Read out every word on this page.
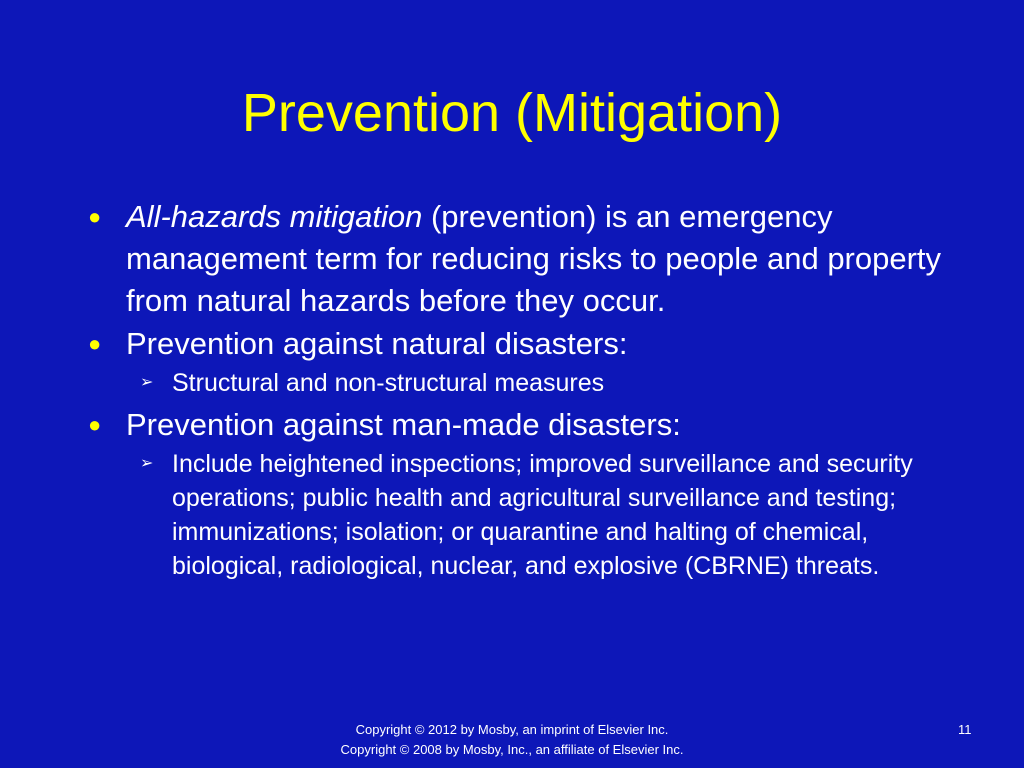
Prevention (Mitigation)
● All-hazards mitigation (prevention) is an emergency management term for reducing risks to people and property from natural hazards before they occur.
● Prevention against natural disasters:
➢ Structural and non-structural measures
● Prevention against man-made disasters:
➢ Include heightened inspections; improved surveillance and security operations; public health and agricultural surveillance and testing; immunizations; isolation; or quarantine and halting of chemical, biological, radiological, nuclear, and explosive (CBRNE) threats.
Copyright © 2012 by Mosby, an imprint of Elsevier Inc.
Copyright © 2008 by Mosby, Inc., an affiliate of Elsevier Inc.
11
